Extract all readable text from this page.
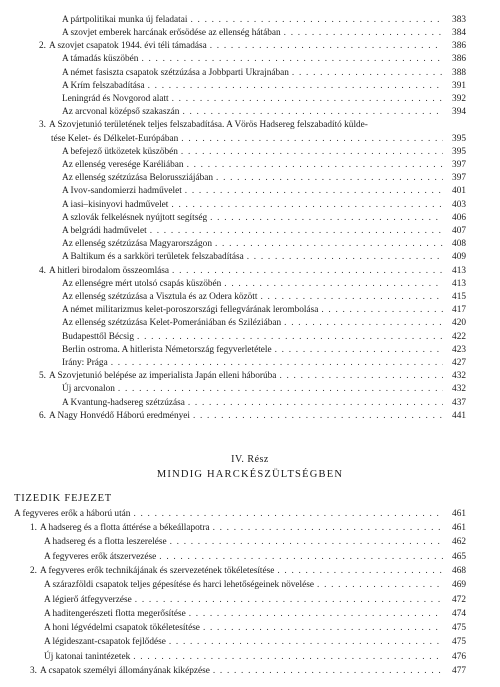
A pártpolitikai munka új feladatai . . .	383
A szovjet emberek harcának erősödése az ellenség hátában . . .	384
2. A szovjet csapatok 1944. évi téli támadása . . .	386
A támadás küszöbén . . .	386
A német fasiszta csapatok szétzúzása a Jobbparti Ukrajnában . . .	388
A Krím felszabadítása . . .	391
Leningrád és Novgorod alatt . . .	392
Az arcvonal középső szakaszán . . .	394
3. A Szovjetunió területének teljes felszabadítása. A Vörös Hadsereg felszabadító külde-
tése Kelet- és Délkelet-Európában . . .	395
A befejező ütközetek küszöbén . . .	395
Az ellenség veresége Karéliában . . .	397
Az ellenség szétzúzása Belorussziájában . . .	397
A Ivov-sandomierzi hadművelet . . .	401
A iasi–kisinyovi hadművelet . . .	403
A szlovák felkelésnek nyújtott segítség . . .	406
A belgrádi hadművelet . . .	407
Az ellenség szétzúzása Magyarországon . . .	408
A Baltikum és a sarkköri területek felszabadítása . . .	409
4. A hitleri birodalom összeomlása . . .	413
Az ellenségre mért utolsó csapás küszöbén . . .	413
Az ellenség szétzúzása a Visztula és az Odera között . . .	415
A német militarizmus kelet-poroszországi fellegvárának lerombolása . . .	417
Az ellenség szétzúzása Kelet-Pomerániában és Sziléziában . . .	420
Budapesttől Bécsig . . .	422
Berlin ostroma. A hitlerista Németország fegyverletétele . . .	423
Irány: Prága . . .	427
5. A Szovjetunió belépése az imperialista Japán elleni háborúba . . .	432
Új arcvonalon . . .	432
A Kvantung-hadsereg szétzúzása . . .	437
6. A Nagy Honvédő Háború eredményei . . .	441
IV. Rész
MINDIG HARCKÉSZÜLTSÉGBEN
TIZEDIK FEJEZET
A fegyveres erők a háború után . . .	461
1. A hadsereg és a flotta áttérése a békeállapotra . . .	461
A hadsereg és a flotta leszerelése . . .	462
A fegyveres erők átszervezése . . .	465
2. A fegyveres erők technikájának és szervezetének tökéletesítése . . .	468
A szárazföldi csapatok teljes gépesítése és harci lehetőségeinek növelése . . .	469
A légierő átfegyverzése . . .	472
A haditengerészeti flotta megerősítése . . .	474
A honi légvédelmi csapatok tökéletesítése . . .	475
A légideszant-csapatok fejlődése . . .	475
Új katonai tanintézetek . . .	476
3. A csapatok személyi állományának kiképzése . . .	477
